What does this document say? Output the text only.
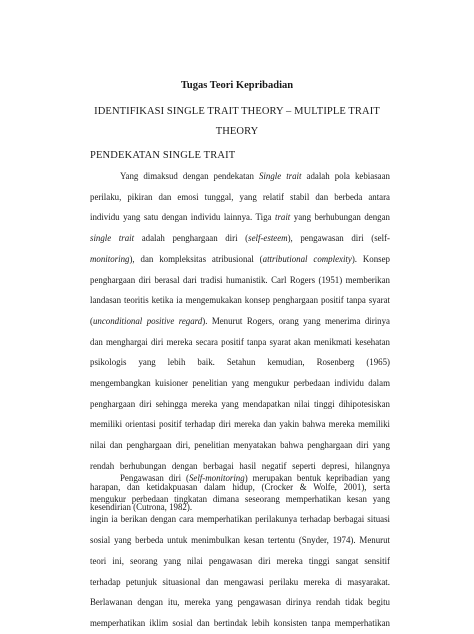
Tugas Teori Kepribadian
IDENTIFIKASI SINGLE TRAIT THEORY – MULTIPLE TRAIT
THEORY
PENDEKATAN SINGLE TRAIT
Yang dimaksud dengan pendekatan Single trait adalah pola kebiasaan
perilaku, pikiran dan emosi tunggal, yang relatif stabil dan berbeda antara
individu yang satu dengan individu lainnya. Tiga trait yang berhubungan dengan
single trait adalah penghargaan diri (self-esteem), pengawasan diri (self-
monitoring), dan kompleksitas atribusional (attributional complexity). Konsep
penghargaan diri berasal dari tradisi humanistik. Carl Rogers (1951) memberikan
landasan teoritis ketika ia mengemukakan konsep penghargaan positif tanpa syarat
(unconditional positive regard). Menurut Rogers, orang yang menerima dirinya
dan menghargai diri mereka secara positif tanpa syarat akan menikmati kesehatan
psikologis yang lebih baik. Setahun kemudian, Rosenberg (1965)
mengembangkan kuisioner penelitian yang mengukur perbedaan individu dalam
penghargaan diri sehingga mereka yang mendapatkan nilai tinggi dihipotesiskan
memiliki orientasi positif terhadap diri mereka dan yakin bahwa mereka memiliki
nilai dan penghargaan diri, penelitian menyatakan bahwa penghargaan diri yang
rendah berhubungan dengan berbagai hasil negatif seperti depresi, hilangnya
harapan, dan ketidakpuasan dalam hidup, (Crocker & Wolfe, 2001), serta
kesendirian (Cutrona, 1982).
Pengawasan diri (Self-monitoring) merupakan bentuk kepribadian yang
mengukur perbedaan tingkatan dimana seseorang memperhatikan kesan yang
ingin ia berikan dengan cara memperhatikan perilakunya terhadap berbagai situasi
sosial yang berbeda untuk menimbulkan kesan tertentu (Snyder, 1974). Menurut
teori ini, seorang yang nilai pengawasan diri mereka tinggi sangat sensitif
terhadap petunjuk situasional dan mengawasi perilaku mereka di masyarakat.
Berlawanan dengan itu, mereka yang pengawasan dirinya rendah tidak begitu
memperhatikan iklim sosial dan bertindak lebih konsisten tanpa memperhatikan
